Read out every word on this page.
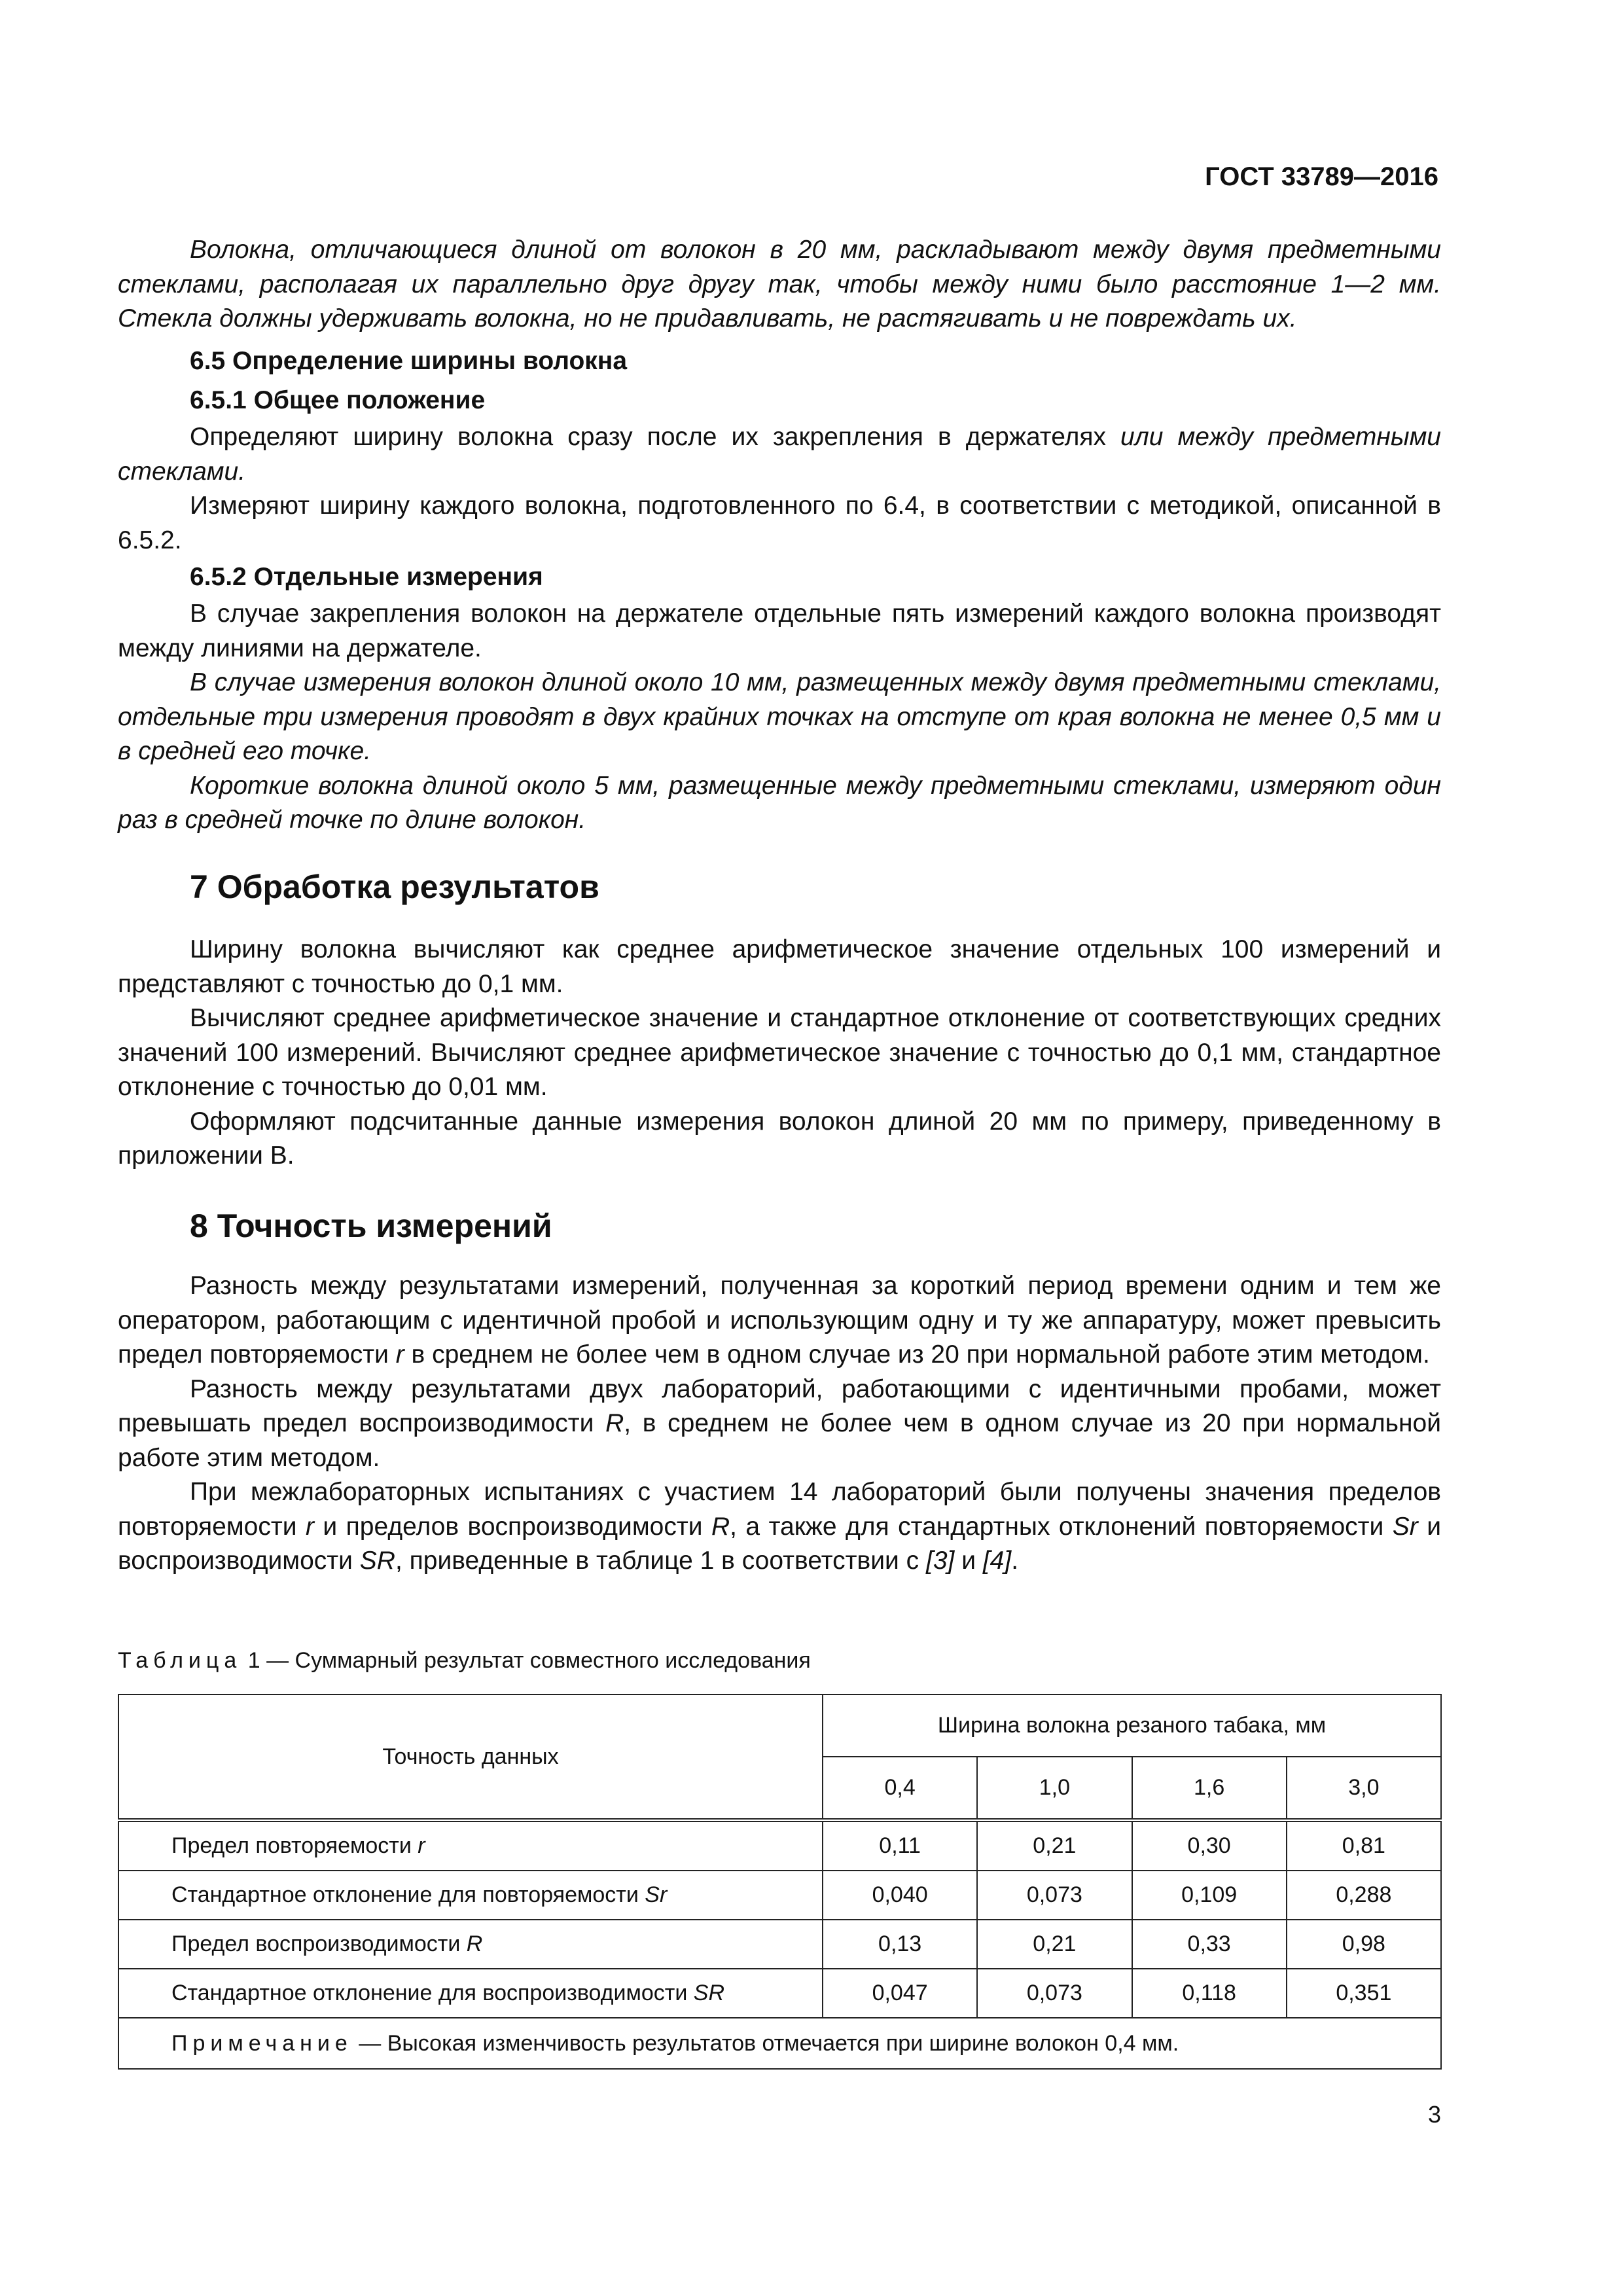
ГОСТ 33789—2016

Волокна, отличающиеся длиной от волокон в 20 мм, раскладывают между двумя предметными стеклами, располагая их параллельно друг другу так, чтобы между ними было расстояние 1—2 мм. Стекла должны удерживать волокна, но не придавливать, не растягивать и не повреждать их.

6.5 Определение ширины волокна
6.5.1 Общее положение

Определяют ширину волокна сразу после их закрепления в держателях или между предметными стеклами.

Измеряют ширину каждого волокна, подготовленного по 6.4, в соответствии с методикой, описанной в 6.5.2.

6.5.2 Отдельные измерения

В случае закрепления волокон на держателе отдельные пять измерений каждого волокна производят между линиями на держателе.

В случае измерения волокон длиной около 10 мм, размещенных между двумя предметными стеклами, отдельные три измерения проводят в двух крайних точках на отступе от края волокна не менее 0,5 мм и в средней его точке.

Короткие волокна длиной около 5 мм, размещенные между предметными стеклами, измеряют один раз в средней точке по длине волокон.

7 Обработка результатов

Ширину волокна вычисляют как среднее арифметическое значение отдельных 100 измерений и представляют с точностью до 0,1 мм.

Вычисляют среднее арифметическое значение и стандартное отклонение от соответствующих средних значений 100 измерений. Вычисляют среднее арифметическое значение с точностью до 0,1 мм, стандартное отклонение с точностью до 0,01 мм.

Оформляют подсчитанные данные измерения волокон длиной 20 мм по примеру, приведенному в приложении В.

8 Точность измерений

Разность между результатами измерений, полученная за короткий период времени одним и тем же оператором, работающим с идентичной пробой и использующим одну и ту же аппаратуру, может превысить предел повторяемости r в среднем не более чем в одном случае из 20 при нормальной работе этим методом.

Разность между результатами двух лабораторий, работающими с идентичными пробами, может превышать предел воспроизводимости R, в среднем не более чем в одном случае из 20 при нормальной работе этим методом.

При межлабораторных испытаниях с участием 14 лабораторий были получены значения пределов повторяемости r и пределов воспроизводимости R, а также для стандартных отклонений повторяемости Sr и воспроизводимости SR, приведенные в таблице 1 в соответствии с [3] и [4].

Таблица 1 — Суммарный результат совместного исследования
Точность данных	Ширина волокна резаного табака, мм			
	0,4	1,0	1,6	3,0
Предел повторяемости r	0,11	0,21	0,30	0,81
Стандартное отклонение для повторяемости Sr	0,040	0,073	0,109	0,288
Предел воспроизводимости R	0,13	0,21	0,33	0,98
Стандартное отклонение для воспроизводимости SR	0,047	0,073	0,118	0,351
Примечание — Высокая изменчивость результатов отмечается при ширине волокон 0,4 мм.				
3
